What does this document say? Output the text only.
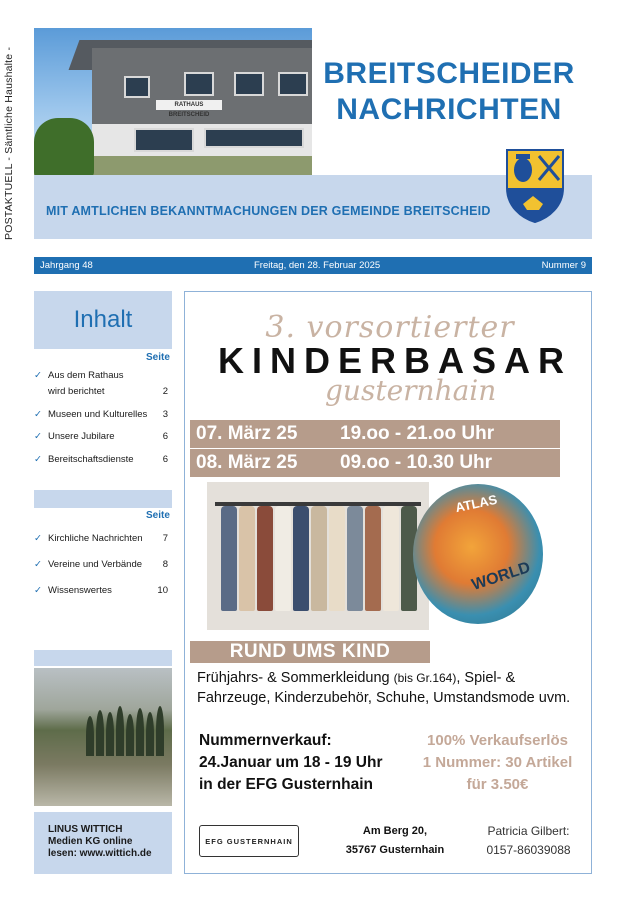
POSTAKTUELL - Sämtliche Haushalte -	RATHAUS BREITSCHEID
BREITSCHEIDER
NACHRICHTEN
MIT AMTLICHEN BEKANNTMACHUNGEN DER GEMEINDE BREITSCHEID
Jahrgang 48	Freitag, den 28. Februar 2025	Nummer 9
Inhalt
Seite
✓ Aus dem Rathaus
wird berichtet	2
✓ Museen und Kulturelles 3
✓ Unsere Jubilare	6
✓ Bereitschaftsdienste	6
Seite
✓ Kirchliche Nachrichten 7
✓ Vereine und Verbände 8
✓ Wissenswertes	10
LINUS WITTICH
Medien KG online
lesen: www.wittich.de
3. vorsortierter
KINDERBASAR
gusternhain
07. März 25 19.oo - 21.oo Uhr
08. März 25 09.oo - 10.30 Uhr
ATLAS
WORLD
RUND UMS KIND
Frühjahrs- & Sommerkleidung (bis Gr.164), Spiel- &
Fahrzeuge, Kinderzubehör, Schuhe, Umstandsmode uvm.
Nummernverkauf:
24.Januar um 18 - 19 Uhr
in der EFG Gusternhain
100% Verkaufserlös
1 Nummer: 30 Artikel
für 3.50€
EFG GUSTERNHAIN
Am Berg 20,
35767 Gusternhain
Patricia Gilbert:
0157-86039088
